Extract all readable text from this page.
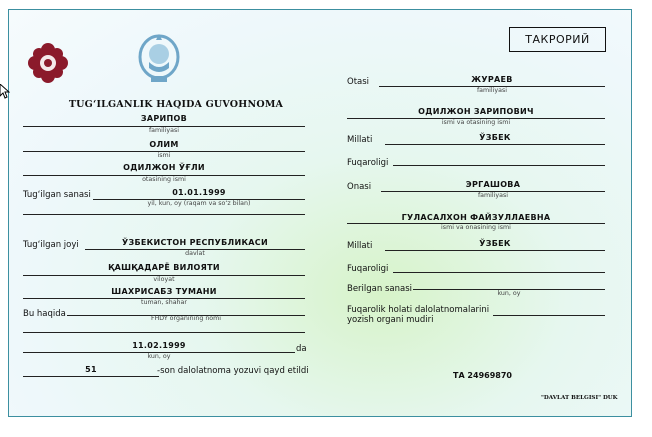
ТАКРОРИЙ
TUG‘ILGANLIK HAQIDA GUVOHNOMA
ЗАРИПОВ
familiyasi
ОЛИМ
ismi
ОДИЛЖОН ЎҒЛИ
otasining ismi
Tug‘ilgan sanasi	01.01.1999
yil, kun, oy (raqam va so‘z bilan)
Tug‘ilgan joyi	ЎЗБЕКИСТОН РЕСПУБЛИКАСИ
davlat
ҚАШҚАДАРЁ ВИЛОЯТИ
viloyat
ШАХРИСАБЗ ТУМАНИ
tuman, shahar
Bu haqida	FHDY organining nomi
11.02.1999	da
kun, oy
51	-son dalolatnoma yozuvi qayd etildi
Otasi	ЖУРАЕВ
familiyasi
ОДИЛЖОН ЗАРИПОВИЧ
ismi va otasining ismi
Millati	ЎЗБЕК
Fuqaroligi
Onasi	ЭРГАШОВА
familiyasi
ГУЛАСАЛХОН ФАЙЗУЛЛАЕВНА
ismi va onasining ismi
Millati	ЎЗБЕК
Fuqaroligi
Berilgan sanasi	kun, oy
Fuqarolik holati dalolatnomalarini yozish organi mudiri
ТА 24969870
"DAVLAT BELGISI" DUK
